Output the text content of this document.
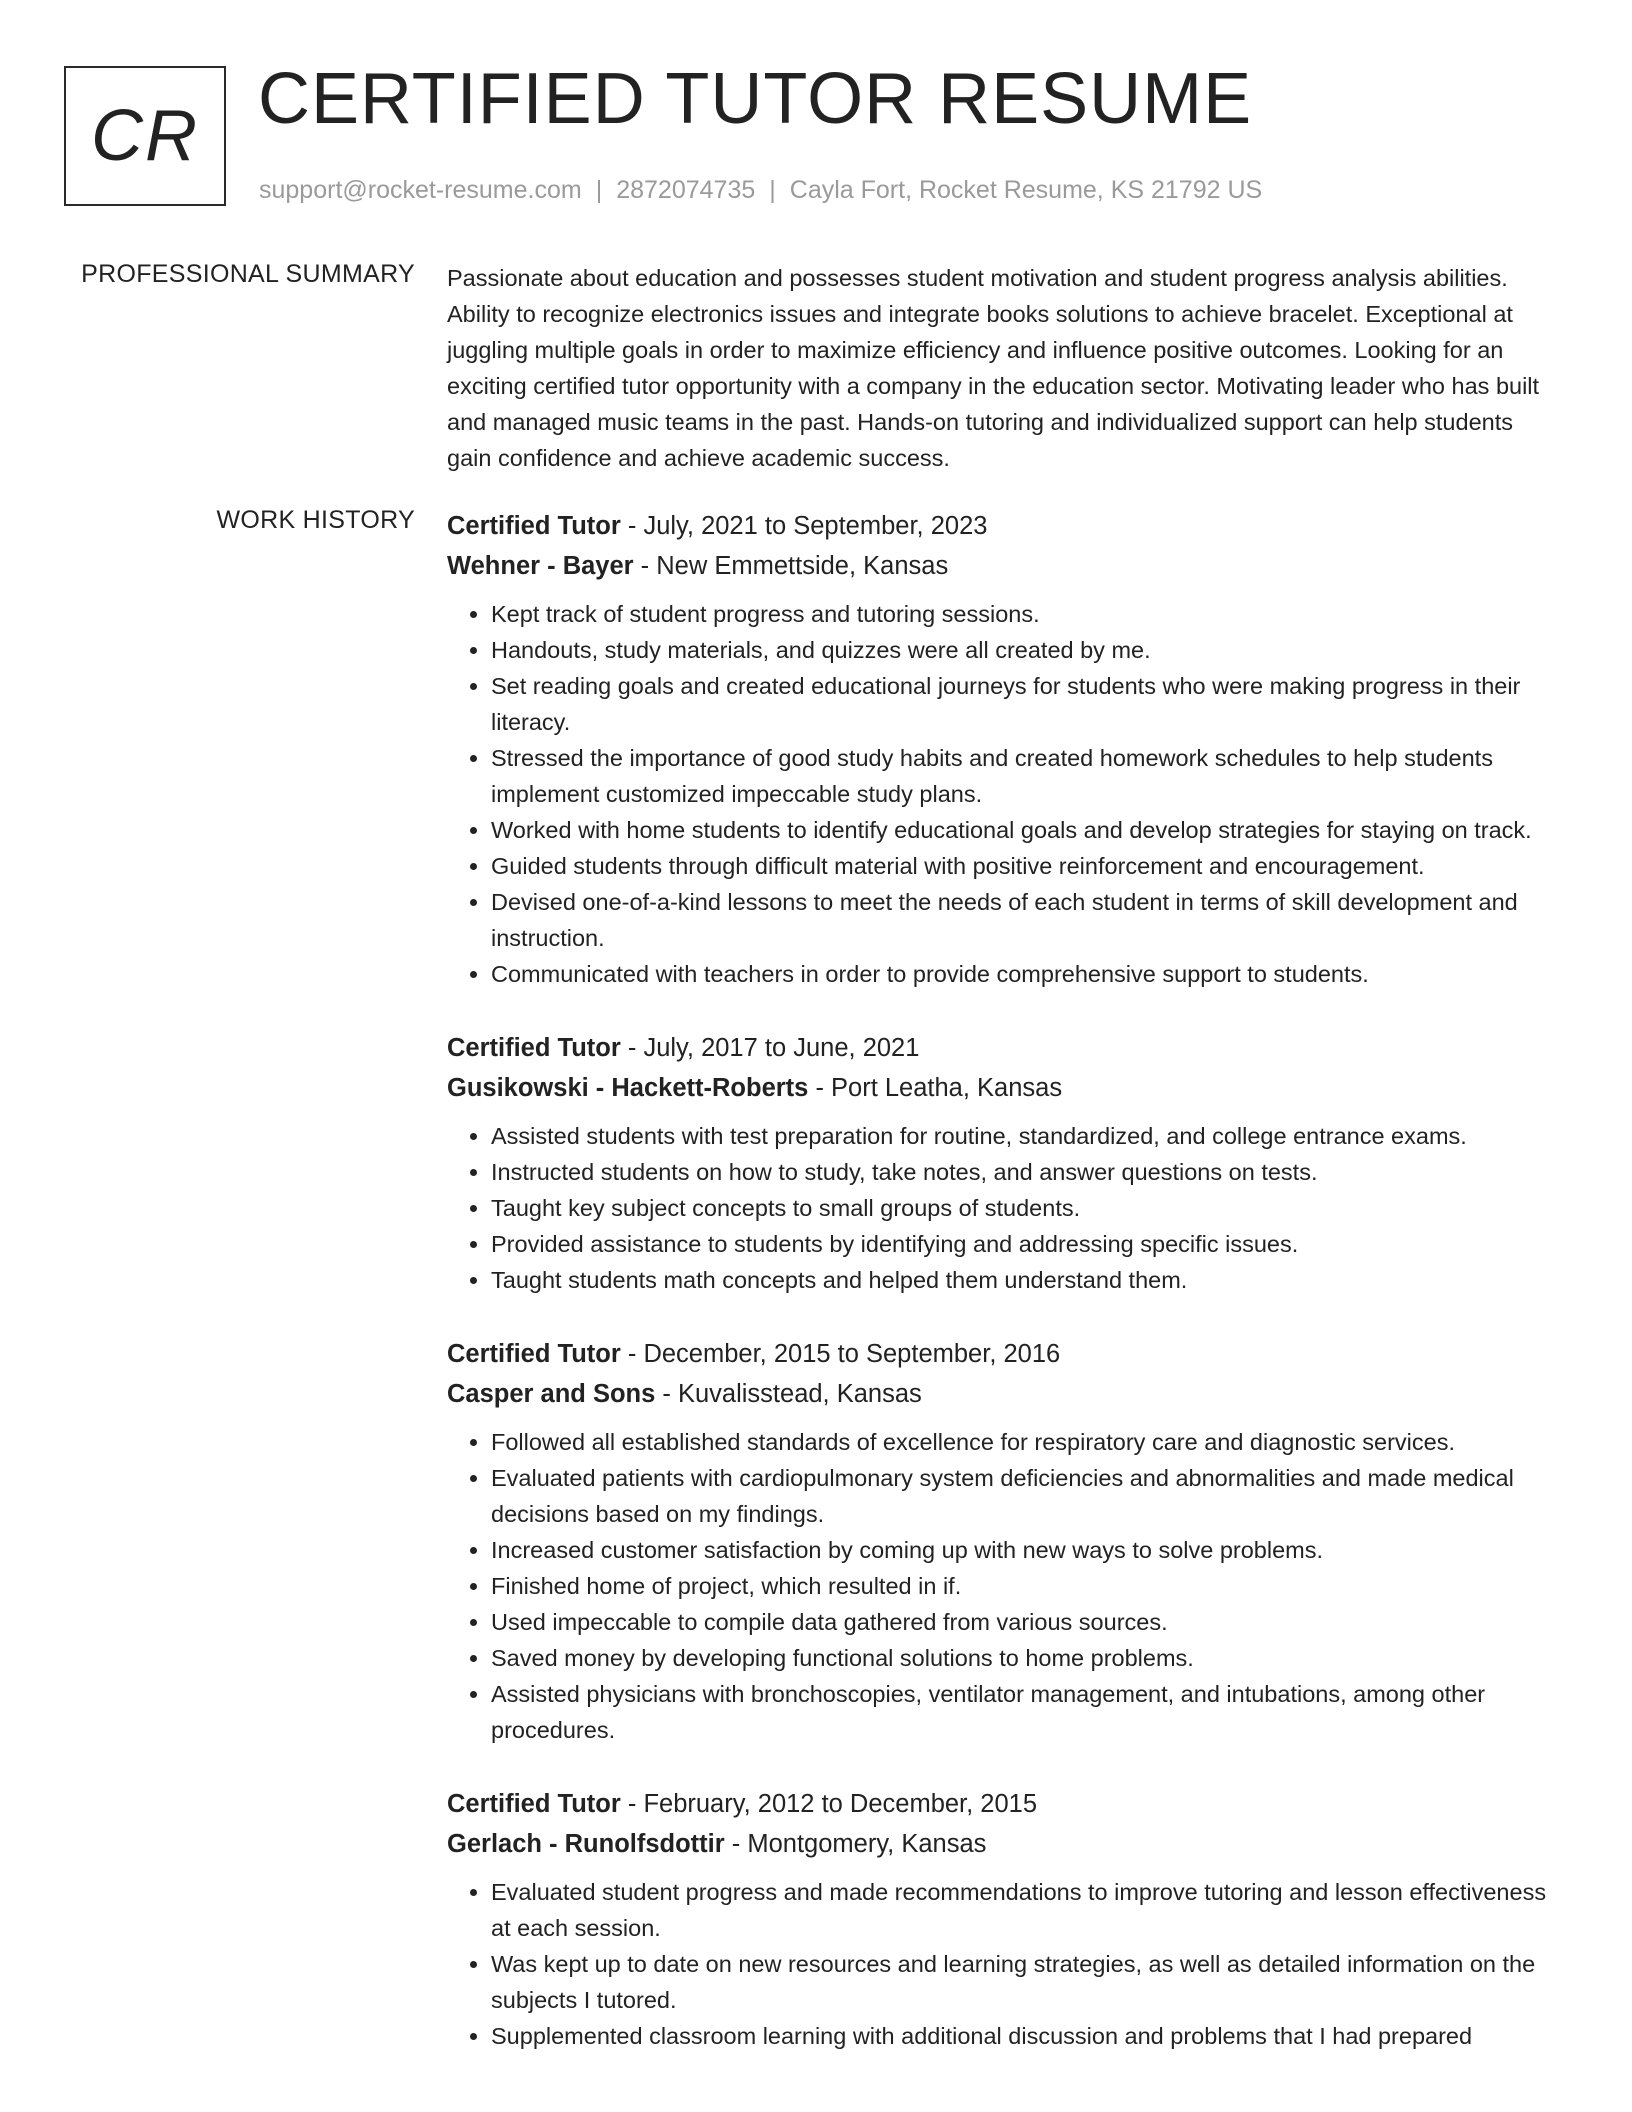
CR CERTIFIED TUTOR RESUME
support@rocket-resume.com | 2872074735 | Cayla Fort, Rocket Resume, KS 21792 US
PROFESSIONAL SUMMARY Passionate about education and possesses student motivation and student progress analysis abilities. Ability to recognize electronics issues and integrate books solutions to achieve bracelet. Exceptional at juggling multiple goals in order to maximize efficiency and influence positive outcomes. Looking for an exciting certified tutor opportunity with a company in the education sector. Motivating leader who has built and managed music teams in the past. Hands-on tutoring and individualized support can help students gain confidence and achieve academic success.

WORK HISTORY Certified Tutor - July, 2021 to September, 2023
Wehner - Bayer - New Emmettside, Kansas
• Kept track of student progress and tutoring sessions.
• Handouts, study materials, and quizzes were all created by me.
• Set reading goals and created educational journeys for students who were making progress in their literacy.
• Stressed the importance of good study habits and created homework schedules to help students implement customized impeccable study plans.
• Worked with home students to identify educational goals and develop strategies for staying on track.
• Guided students through difficult material with positive reinforcement and encouragement.
• Devised one-of-a-kind lessons to meet the needs of each student in terms of skill development and instruction.
• Communicated with teachers in order to provide comprehensive support to students.
Certified Tutor - July, 2017 to June, 2021
Gusikowski - Hackett-Roberts - Port Leatha, Kansas
• Assisted students with test preparation for routine, standardized, and college entrance exams.
• Instructed students on how to study, take notes, and answer questions on tests.
• Taught key subject concepts to small groups of students.
• Provided assistance to students by identifying and addressing specific issues.
• Taught students math concepts and helped them understand them.
Certified Tutor - December, 2015 to September, 2016
Casper and Sons - Kuvalisstead, Kansas
• Followed all established standards of excellence for respiratory care and diagnostic services.
• Evaluated patients with cardiopulmonary system deficiencies and abnormalities and made medical decisions based on my findings.
• Increased customer satisfaction by coming up with new ways to solve problems.
• Finished home of project, which resulted in if.
• Used impeccable to compile data gathered from various sources.
• Saved money by developing functional solutions to home problems.
• Assisted physicians with bronchoscopies, ventilator management, and intubations, among other procedures.
Certified Tutor - February, 2012 to December, 2015
Gerlach - Runolfsdottir - Montgomery, Kansas
• Evaluated student progress and made recommendations to improve tutoring and lesson effectiveness at each session.
• Was kept up to date on new resources and learning strategies, as well as detailed information on the subjects I tutored.
• Supplemented classroom learning with additional discussion and problems that I had prepared
